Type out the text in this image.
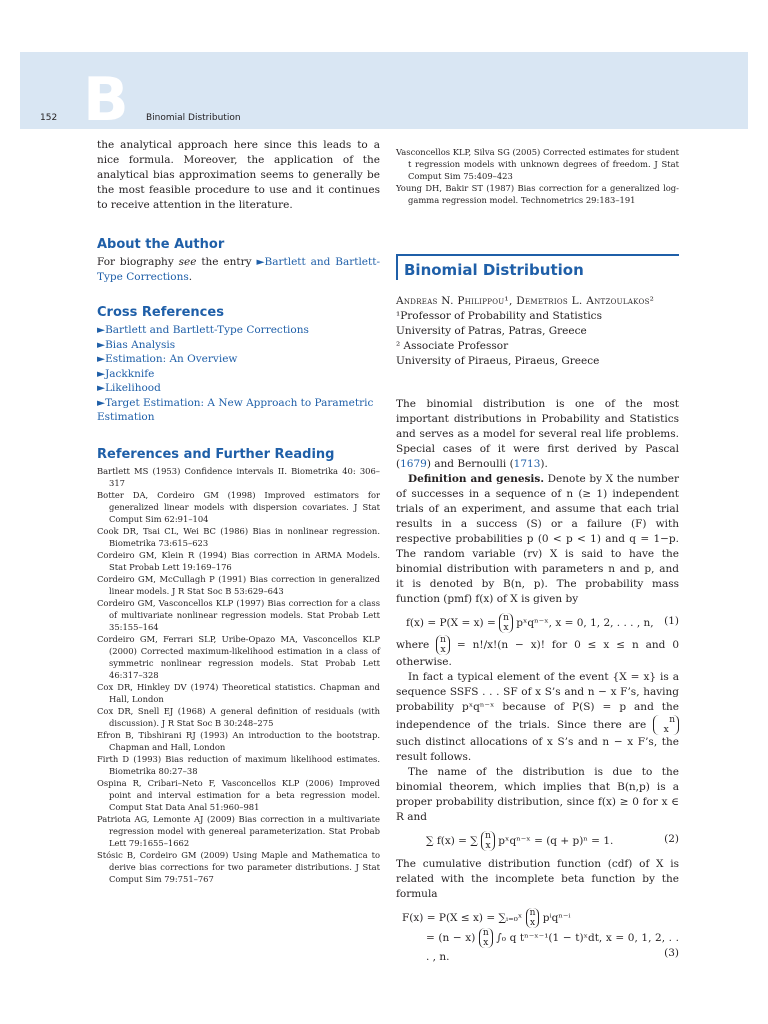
B
152	Binomial Distribution

the analytical approach here since this leads to a nice formula. Moreover, the application of the analytical bias approximation seems to generally be the most feasible procedure to use and it continues to receive attention in the literature.

About the Author

For biography see the entry ►Bartlett and Bartlett-Type Corrections.

Cross References
►Bartlett and Bartlett-Type Corrections
►Bias Analysis
►Estimation: An Overview
►Jackknife
►Likelihood
►Target Estimation: A New Approach to Parametric Estimation
References and Further Reading
Bartlett MS (1953) Confidence intervals II. Biometrika 40: 306–317
Botter DA, Cordeiro GM (1998) Improved estimators for generalized linear models with dispersion covariates. J Stat Comput Sim 62:91–104
Cook DR, Tsai CL, Wei BC (1986) Bias in nonlinear regression. Biometrika 73:615–623
Cordeiro GM, Klein R (1994) Bias correction in ARMA Models. Stat Probab Lett 19:169–176
Cordeiro GM, McCullagh P (1991) Bias correction in generalized linear models. J R Stat Soc B 53:629–643
Cordeiro GM, Vasconcellos KLP (1997) Bias correction for a class of multivariate nonlinear regression models. Stat Probab Lett 35:155–164
Cordeiro GM, Ferrari SLP, Uribe-Opazo MA, Vasconcellos KLP (2000) Corrected maximum-likelihood estimation in a class of symmetric nonlinear regression models. Stat Probab Lett 46:317–328
Cox DR, Hinkley DV (1974) Theoretical statistics. Chapman and Hall, London
Cox DR, Snell EJ (1968) A general definition of residuals (with discussion). J R Stat Soc B 30:248–275
Efron B, Tibshirani RJ (1993) An introduction to the bootstrap. Chapman and Hall, London
Firth D (1993) Bias reduction of maximum likelihood estimates. Biometrika 80:27–38
Ospina R, Cribari–Neto F, Vasconcellos KLP (2006) Improved point and interval estimation for a beta regression model. Comput Stat Data Anal 51:960–981
Patriota AG, Lemonte AJ (2009) Bias correction in a multivariate regression model with genereal parameterization. Stat Probab Lett 79:1655–1662
Stósic B, Cordeiro GM (2009) Using Maple and Mathematica to derive bias corrections for two parameter distributions. J Stat Comput Sim 79:751–767
Vasconcellos KLP, Silva SG (2005) Corrected estimates for student t regression models with unknown degrees of freedom. J Stat Comput Sim 75:409–423
Young DH, Bakir ST (1987) Bias correction for a generalized log-gamma regression model. Technometrics 29:183–191
Binomial Distribution
Andreas N. Philippou¹, Demetrios L. Antzoulakos²
¹Professor of Probability and Statistics
University of Patras, Patras, Greece
² Associate Professor
University of Piraeus, Piraeus, Greece

The binomial distribution is one of the most important distributions in Probability and Statistics and serves as a model for several real life problems. Special cases of it were first derived by Pascal (1679) and Bernoulli (1713).

Definition and genesis. Denote by X the number of successes in a sequence of n (≥ 1) independent trials of an experiment, and assume that each trial results in a success (S) or a failure (F) with respective probabilities p (0 < p < 1) and q = 1−p. The random variable (rv) X is said to have the binomial distribution with parameters n and p, and it is denoted by B(n, p). The probability mass function (pmf) f(x) of X is given by

f(x) = P(X = x) = n
x pˣqⁿ⁻ˣ, x = 0, 1, 2, . . . , n, (1)

where n
x = n!/x!(n − x)! for 0 ≤ x ≤ n and 0 otherwise.

In fact a typical element of the event {X = x} is a sequence SSFS . . . SF of x S’s and n − x F’s, having probability pˣqⁿ⁻ˣ because of P(S) = p and the independence of the trials. Since there are	n
x such distinct allocations of x S’s and n − x F’s, the result follows.

The name of the distribution is due to the binomial theorem, which implies that B(n,p) is a proper probability distribution, since f(x) ≥ 0 for x ∈ R and

∑ f(x) = ∑ n
x pˣqⁿ⁻ˣ = (q + p)ⁿ = 1.	(2)

The cumulative distribution function (cdf) of X is related with the incomplete beta function by the formula

F(x) = P(X ≤ x) = ∑ᵢ₌₀ˣ n
x pⁱqⁿ⁻ⁱ
= (n − x) n
x ∫₀ q tⁿ⁻ˣ⁻¹(1 − t)ˣdt, x = 0, 1, 2, . . . , n.	(3)
